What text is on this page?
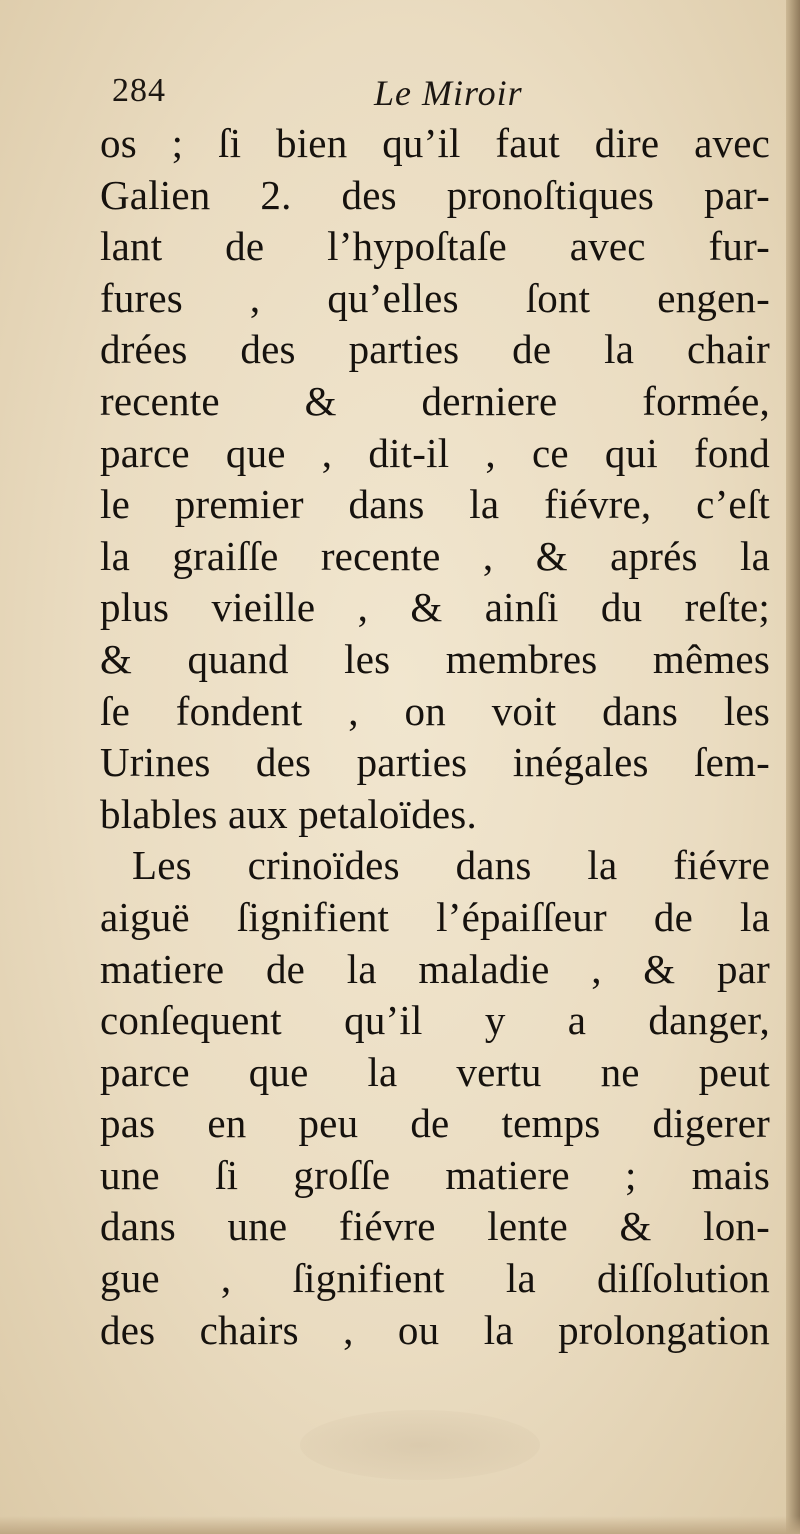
284	Le Miroir
os ; ſi bien qu’il faut dire avec
Galien 2. des pronoſtiques par-
lant de l’hypoſtaſe avec fur-
fures , qu’elles ſont engen-
drées des parties de la chair
recente & derniere formée,
parce que , dit-il , ce qui fond
le premier dans la fiévre, c’eſt
la graiſſe recente , & aprés la
plus vieille , & ainſi du reſte;
& quand les membres mêmes
ſe fondent , on voit dans les
Urines des parties inégales ſem-
blables aux petaloïdes.
Les crinoïdes dans la fiévre
aiguë ſignifient l’épaiſſeur de la
matiere de la maladie , & par
conſequent qu’il y a danger,
parce que la vertu ne peut
pas en peu de temps digerer
une ſi groſſe matiere ; mais
dans une fiévre lente & lon-
gue , ſignifient la diſſolution
des chairs , ou la prolongation
